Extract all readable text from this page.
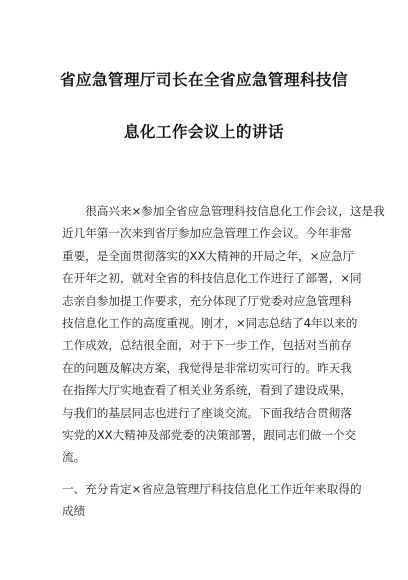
省应急管理厅司长在全省应急管理科技信
息化工作会议上的讲话
很高兴来×参加全省应急管理科技信息化工作会议，这是我
近几年第一次来到省厅参加应急管理工作会议。今年非常
重要，是全面贯彻落实的XX大精神的开局之年，×应急厅
在开年之初，就对全省的科技信息化工作进行了部署，×同
志亲自参加提工作要求，充分体现了厅党委对应急管理科
技信息化工作的高度重视。刚才，×同志总结了4年以来的
工作成效，总结很全面，对于下一步工作，包括对当前存
在的问题及解决方案，我觉得是非常切实可行的。昨天我
在指挥大厅实地查看了相关业务系统，看到了建设成果，
与我们的基层同志也进行了座谈交流。下面我结合贯彻落
实党的XX大精神及部党委的决策部署，跟同志们做一个交
流。
一、充分肯定×省应急管理厅科技信息化工作近年来取得的
成绩
